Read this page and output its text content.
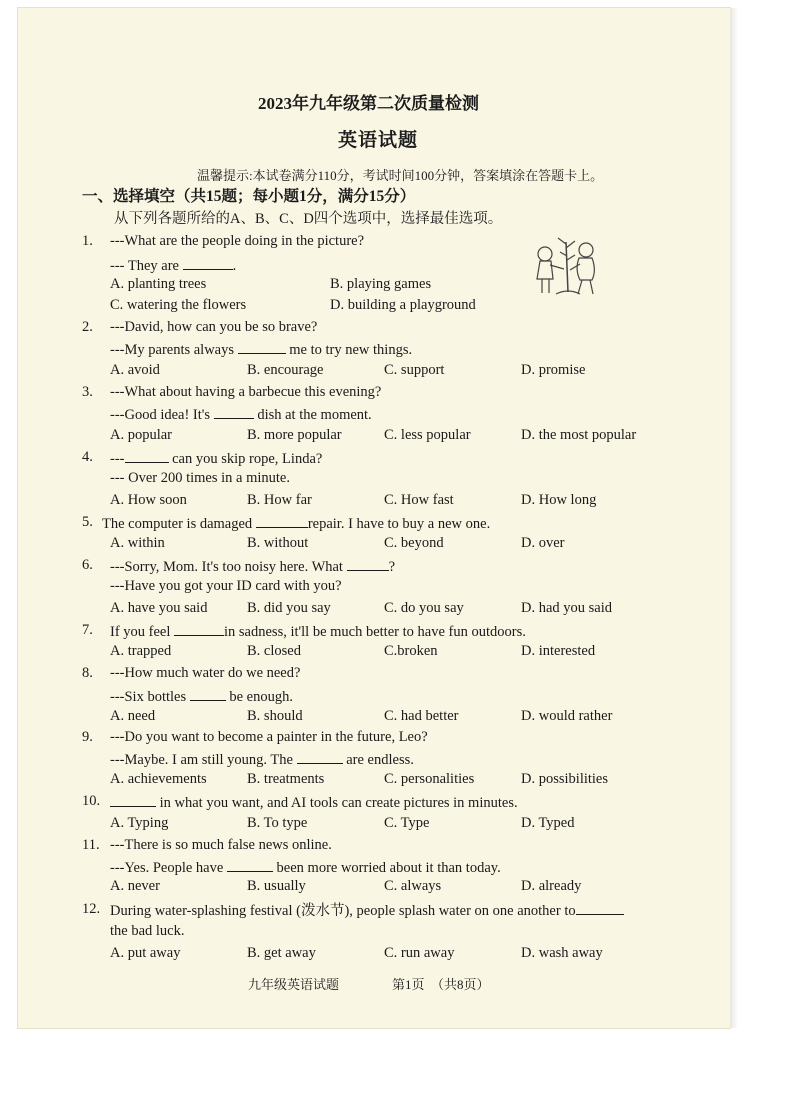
2023年九年级第二次质量检测
英语试题
温馨提示:本试卷满分110分，考试时间100分钟，答案填涂在答题卡上。
一、选择填空（共15题；每小题1分，满分15分）
从下列各题所给的A、B、C、D四个选项中，选择最佳选项。
1. ---What are the people doing in the picture?
--- They are	.
A. planting trees	B. playing games
C. watering the flowers	D. building a playground
2. ---David, how can you be so brave?
---My parents always	me to try new things.
A. avoid	B. encourage	C. support	D. promise
3. ---What about having a barbecue this evening?
---Good idea! It's	dish at the moment.
A. popular	B. more popular	C. less popular	D. the most popular
4. ---	can you skip rope, Linda?
--- Over 200 times in a minute.
A. How soon	B. How far	C. How fast	D. How long
5. The computer is damaged	repair. I have to buy a new one.
A. within	B. without	C. beyond	D. over
6. ---Sorry, Mom. It's too noisy here. What	?
---Have you got your ID card with you?
A. have you said	B. did you say	C. do you say	D. had you said
7. If you feel	in sadness, it'll be much better to have fun outdoors.
A. trapped	B. closed	C.broken	D. interested
8. ---How much water do we need?
---Six bottles	be enough.
A. need	B. should	C. had better	D. would rather
9. ---Do you want to become a painter in the future, Leo?
---Maybe. I am still young. The	are endless.
A. achievements	B. treatments	C. personalities	D. possibilities
10.	in what you want, and AI tools can create pictures in minutes.
A. Typing	B. To type	C. Type	D. Typed
11. ---There is so much false news online.
---Yes. People have	been more worried about it than today.
A. never	B. usually	C. always	D. already
12. During water-splashing festival (泼水节), people splash water on one another to
the bad luck.
A. put away	B. get away	C. run away	D. wash away
九年级英语试题	第1页　（共8页）
